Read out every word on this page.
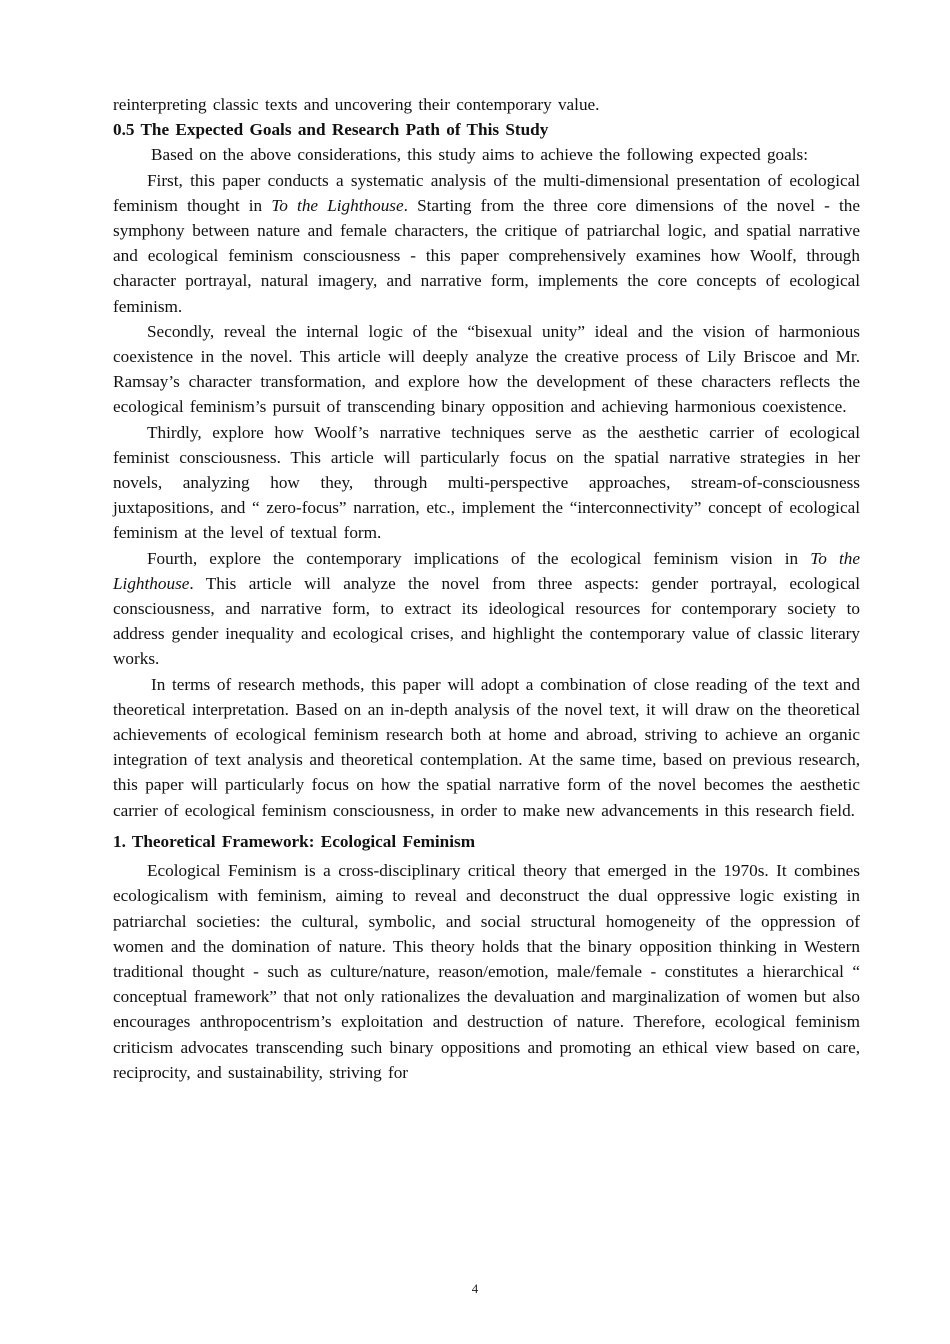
reinterpreting classic texts and uncovering their contemporary value.

0.5 The Expected Goals and Research Path of This Study

Based on the above considerations, this study aims to achieve the following expected goals:

First, this paper conducts a systematic analysis of the multi-dimensional presentation of ecological feminism thought in To the Lighthouse. Starting from the three core dimensions of the novel - the symphony between nature and female characters, the critique of patriarchal logic, and spatial narrative and ecological feminism consciousness - this paper comprehensively examines how Woolf, through character portrayal, natural imagery, and narrative form, implements the core concepts of ecological feminism.

Secondly, reveal the internal logic of the “bisexual unity” ideal and the vision of harmonious coexistence in the novel. This article will deeply analyze the creative process of Lily Briscoe and Mr. Ramsay’s character transformation, and explore how the development of these characters reflects the ecological feminism’s pursuit of transcending binary opposition and achieving harmonious coexistence.

Thirdly, explore how Woolf’s narrative techniques serve as the aesthetic carrier of ecological feminist consciousness. This article will particularly focus on the spatial narrative strategies in her novels, analyzing how they, through multi-perspective approaches, stream-of-consciousness juxtapositions, and “ zero-focus” narration, etc., implement the “interconnectivity” concept of ecological feminism at the level of textual form.

Fourth, explore the contemporary implications of the ecological feminism vision in To the Lighthouse. This article will analyze the novel from three aspects: gender portrayal, ecological consciousness, and narrative form, to extract its ideological resources for contemporary society to address gender inequality and ecological crises, and highlight the contemporary value of classic literary works.

In terms of research methods, this paper will adopt a combination of close reading of the text and theoretical interpretation. Based on an in-depth analysis of the novel text, it will draw on the theoretical achievements of ecological feminism research both at home and abroad, striving to achieve an organic integration of text analysis and theoretical contemplation. At the same time, based on previous research, this paper will particularly focus on how the spatial narrative form of the novel becomes the aesthetic carrier of ecological feminism consciousness, in order to make new advancements in this research field.

1. Theoretical Framework: Ecological Feminism

Ecological Feminism is a cross-disciplinary critical theory that emerged in the 1970s. It combines ecologicalism with feminism, aiming to reveal and deconstruct the dual oppressive logic existing in patriarchal societies: the cultural, symbolic, and social structural homogeneity of the oppression of women and the domination of nature. This theory holds that the binary opposition thinking in Western traditional thought - such as culture/nature, reason/emotion, male/female - constitutes a hierarchical “ conceptual framework” that not only rationalizes the devaluation and marginalization of women but also encourages anthropocentrism’s exploitation and destruction of nature. Therefore, ecological feminism criticism advocates transcending such binary oppositions and promoting an ethical view based on care, reciprocity, and sustainability, striving for

4
